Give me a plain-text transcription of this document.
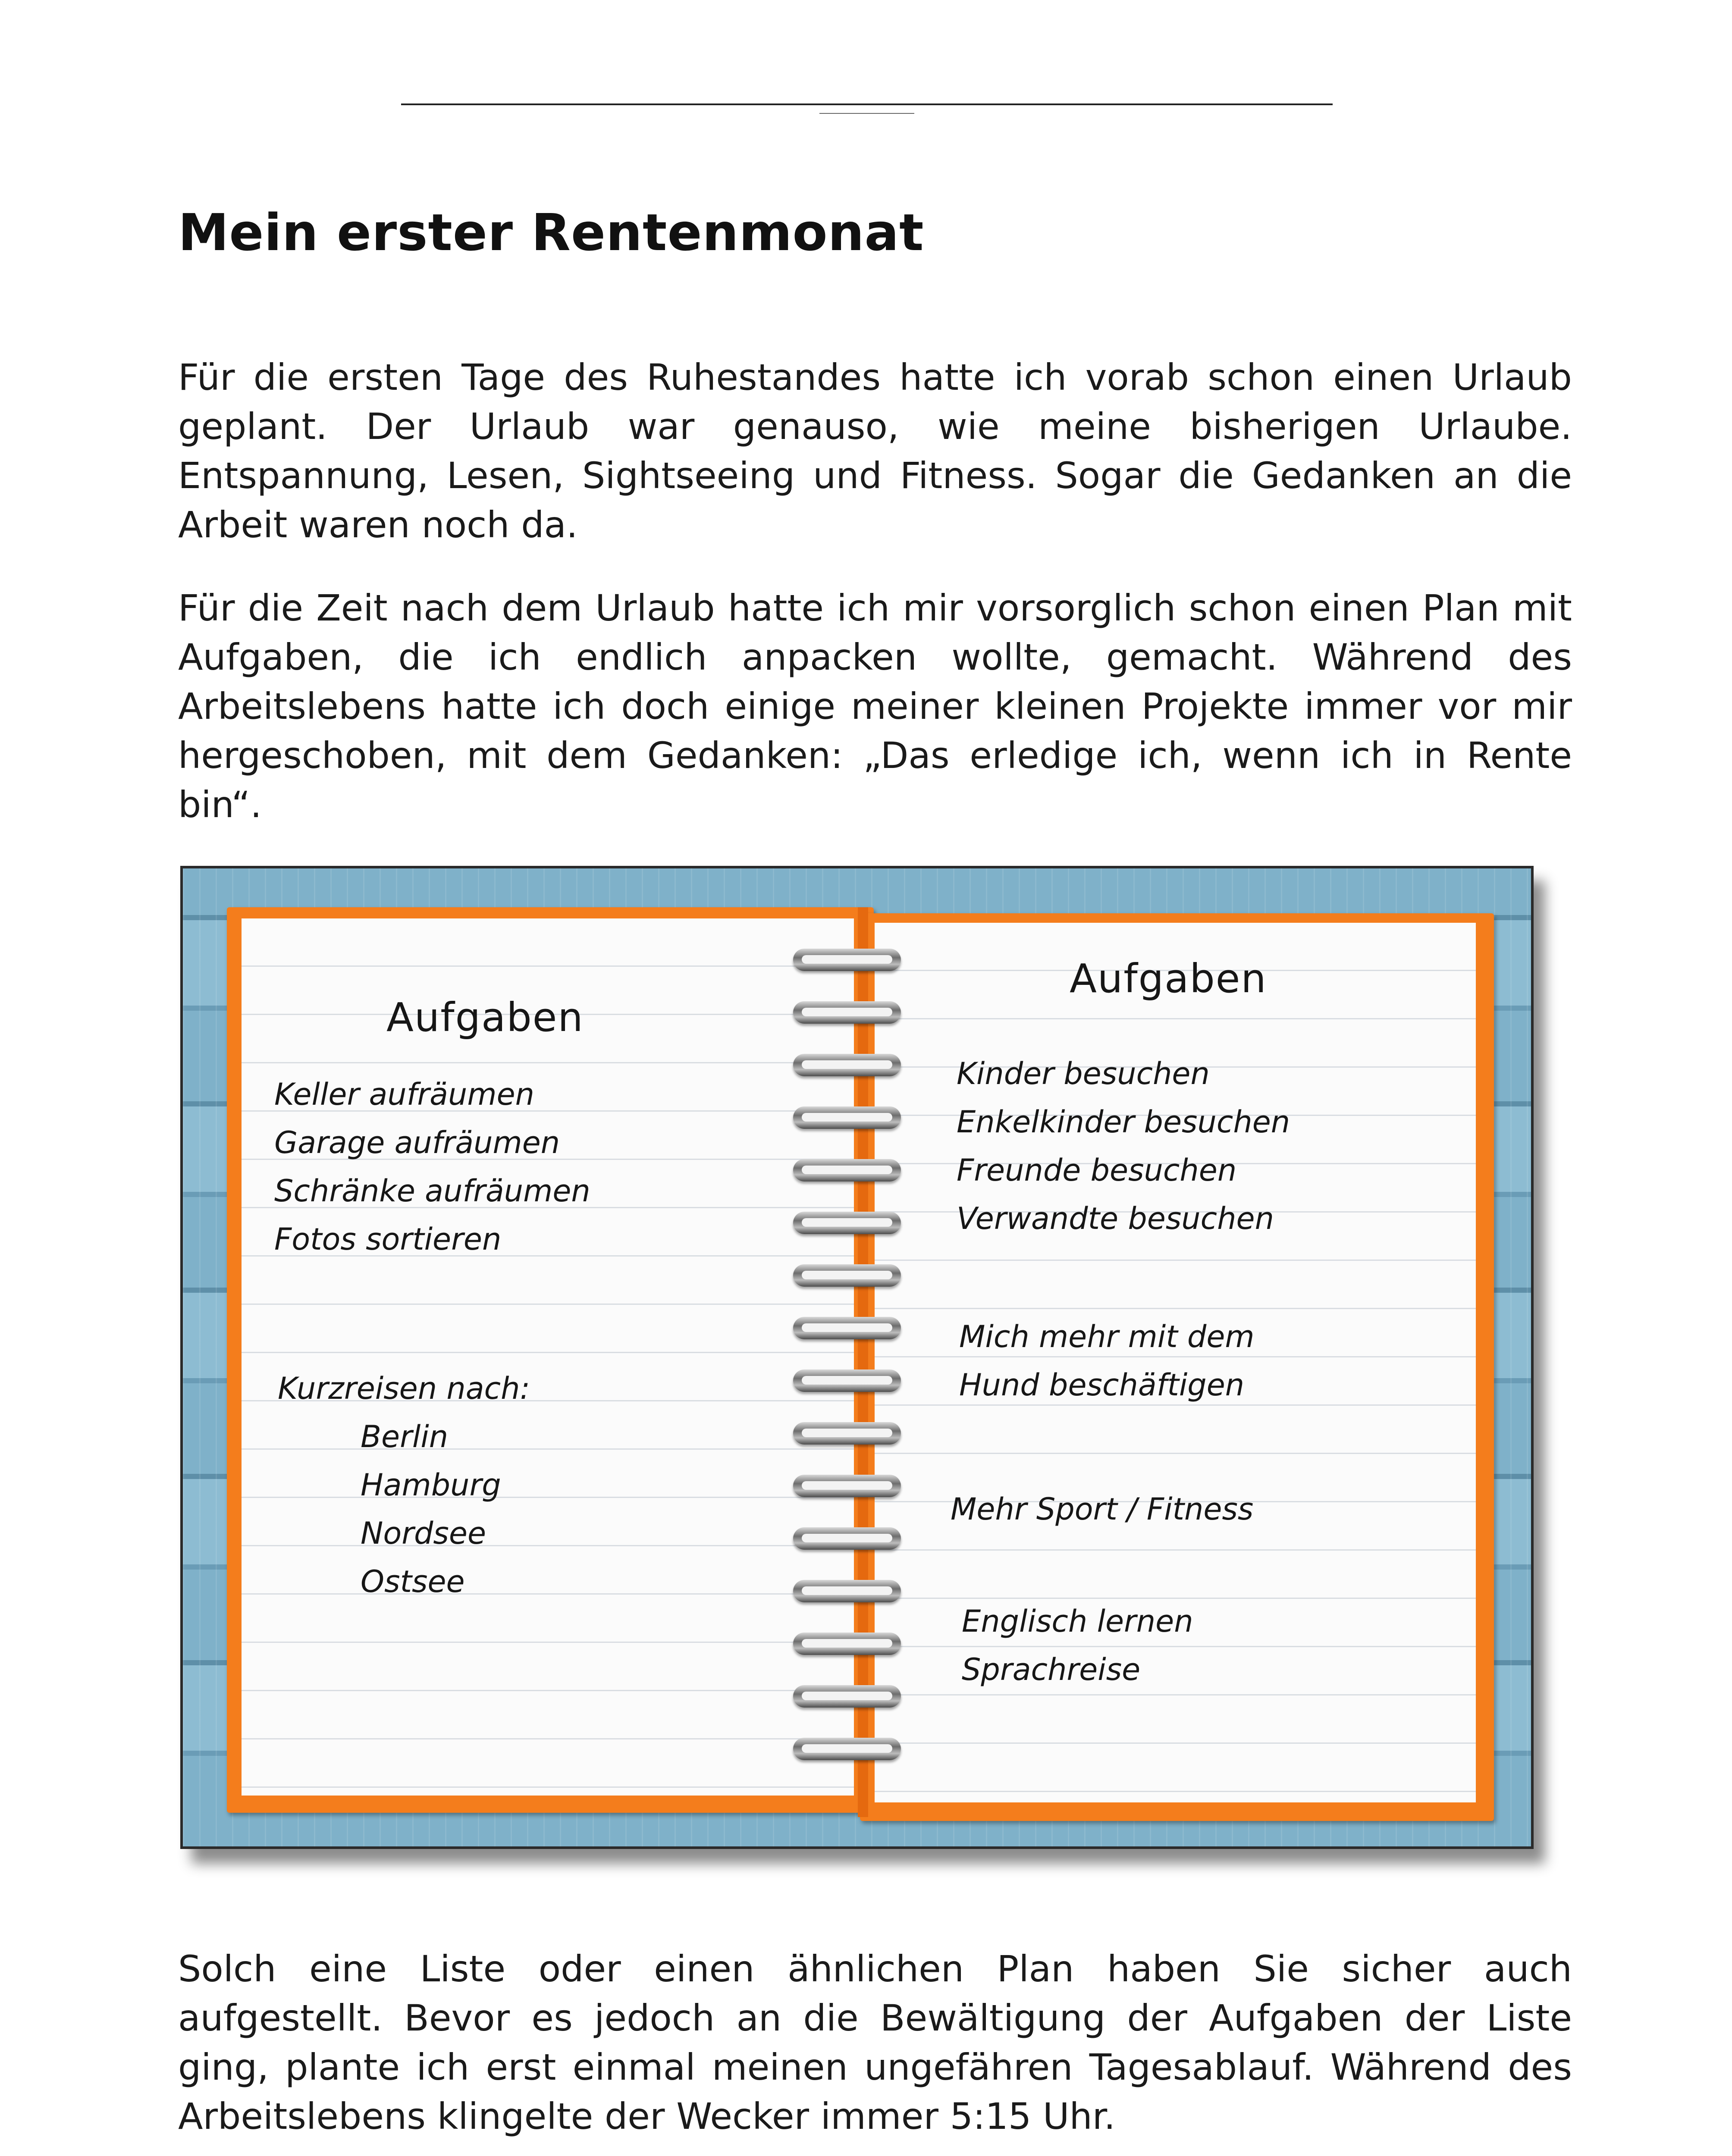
Mein erster Rentenmonat

Für die ersten Tage des Ruhestandes hatte ich vorab schon einen Urlaub geplant. Der Urlaub war genauso, wie meine bisherigen Urlaube. Entspannung, Lesen, Sightseeing und Fitness. Sogar die Gedanken an die Arbeit waren noch da.

Für die Zeit nach dem Urlaub hatte ich mir vorsorglich schon einen Plan mit Aufgaben, die ich endlich anpacken wollte, gemacht. Während des Arbeitslebens hatte ich doch einige meiner kleinen Projekte immer vor mir hergeschoben, mit dem Gedanken: „Das erledige ich, wenn ich in Rente bin“.

Aufgaben

Keller aufräumen
Garage aufräumen
Schränke aufräumen
Fotos sortieren

Kurzreisen nach:

Berlin
Hamburg
Nordsee
Ostsee

Aufgaben

Kinder besuchen
Enkelkinder besuchen
Freunde besuchen
Verwandte besuchen
Mich mehr mit dem
Hund beschäftigen

Mehr Sport / Fitness

Englisch lernen
Sprachreise

Solch eine Liste oder einen ähnlichen Plan haben Sie sicher auch aufgestellt. Bevor es jedoch an die Bewältigung der Aufgaben der Liste ging, plante ich erst einmal meinen ungefähren Tagesablauf. Während des Arbeitslebens klingelte der Wecker immer 5:15 Uhr.
